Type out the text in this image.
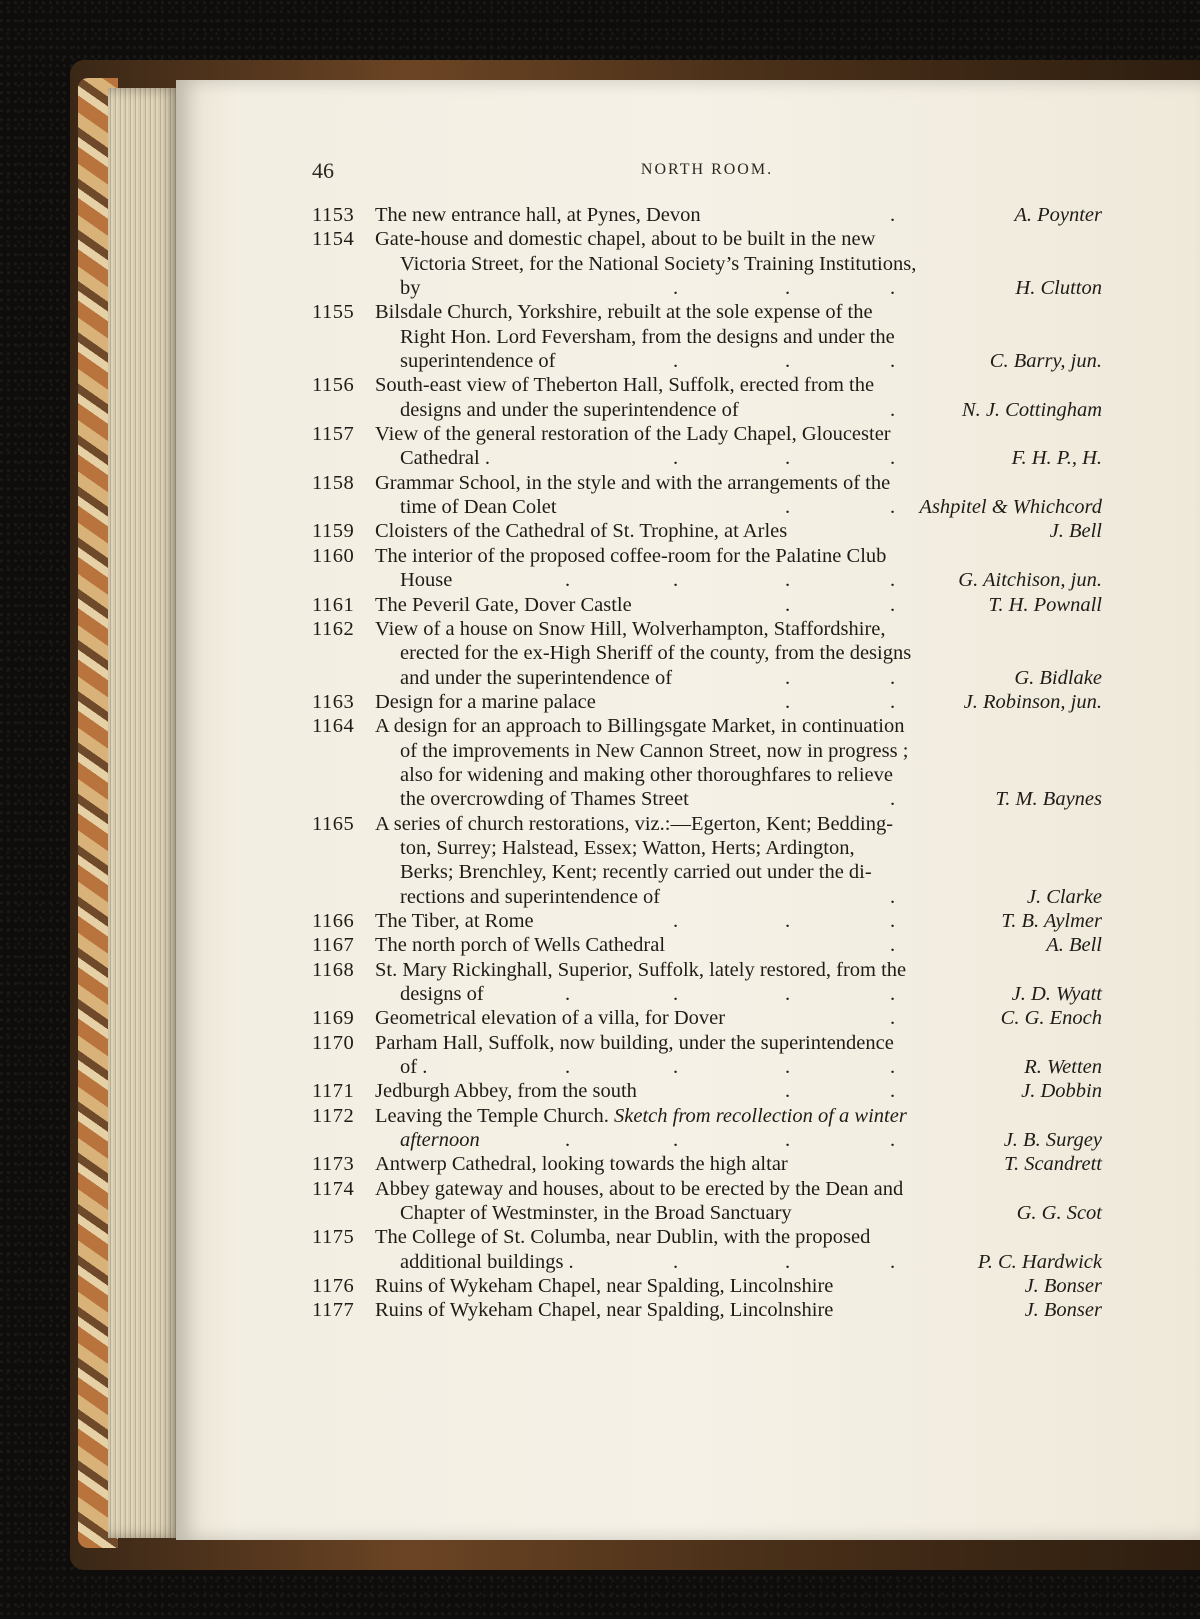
46	NORTH ROOM.
1153 The new entrance hall, at Pynes, Devon	.	A. Poynter
1154 Gate-house and domestic chapel, about to be built in the new
Victoria Street, for the National Society’s Training Institutions,
by	.	.	.	H. Clutton
1155 Bilsdale Church, Yorkshire, rebuilt at the sole expense of the
Right Hon. Lord Feversham, from the designs and under the
superintendence of	.	.	.	C. Barry, jun.
1156 South-east view of Theberton Hall, Suffolk, erected from the
designs and under the superintendence of	.	N. J. Cottingham
1157 View of the general restoration of the Lady Chapel, Gloucester
Cathedral .	.	.	.	F. H. P., H.
1158 Grammar School, in the style and with the arrangements of the
time of Dean Colet	.	. Ashpitel & Whichcord
1159 Cloisters of the Cathedral of St. Trophine, at Arles	J. Bell
1160 The interior of the proposed coffee-room for the Palatine Club
House	.	.	.	.	G. Aitchison, jun.
1161 The Peveril Gate, Dover Castle	.	.	T. H. Pownall
1162 View of a house on Snow Hill, Wolverhampton, Staffordshire,
erected for the ex-High Sheriff of the county, from the designs
and under the superintendence of	.	.	G. Bidlake
1163 Design for a marine palace	.	.	J. Robinson, jun.
1164 A design for an approach to Billingsgate Market, in continuation
of the improvements in New Cannon Street, now in progress ;
also for widening and making other thoroughfares to relieve
the overcrowding of Thames Street	.	T. M. Baynes
1165 A series of church restorations, viz.:—Egerton, Kent; Bedding-
ton, Surrey; Halstead, Essex; Watton, Herts; Ardington,
Berks; Brenchley, Kent; recently carried out under the di-
rections and superintendence of	.	J. Clarke
1166 The Tiber, at Rome	.	.	.	T. B. Aylmer
1167 The north porch of Wells Cathedral	.	A. Bell
1168 St. Mary Rickinghall, Superior, Suffolk, lately restored, from the
designs of	.	.	.	.	J. D. Wyatt
1169 Geometrical elevation of a villa, for Dover	.	C. G. Enoch
1170 Parham Hall, Suffolk, now building, under the superintendence
of .	.	.	.	.	R. Wetten
1171 Jedburgh Abbey, from the south	.	.	J. Dobbin
1172 Leaving the Temple Church. Sketch from recollection of a winter
afternoon	.	.	.	.	J. B. Surgey
1173 Antwerp Cathedral, looking towards the high altar	T. Scandrett
1174 Abbey gateway and houses, about to be erected by the Dean and
Chapter of Westminster, in the Broad Sanctuary	G. G. Scot
1175 The College of St. Columba, near Dublin, with the proposed
additional buildings .	.	.	.	P. C. Hardwick
1176 Ruins of Wykeham Chapel, near Spalding, Lincolnshire	J. Bonser
1177 Ruins of Wykeham Chapel, near Spalding, Lincolnshire	J. Bonser
